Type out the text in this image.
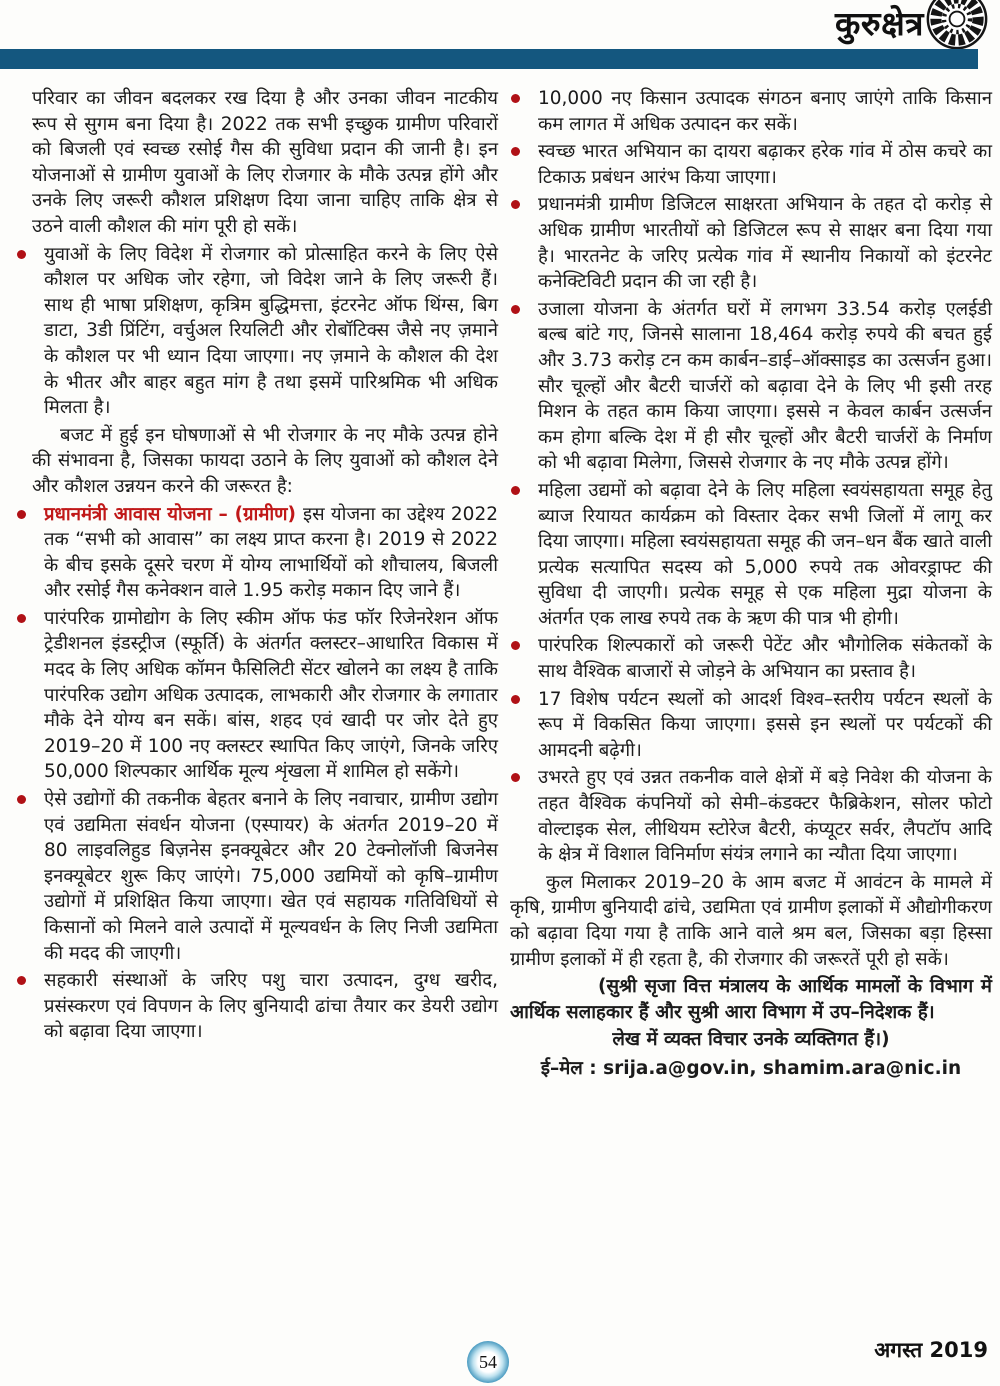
कुरुक्षेत्र

परिवार का जीवन बदलकर रख दिया है और उनका जीवन नाटकीय रूप से सुगम बना दिया है। 2022 तक सभी इच्छुक ग्रामीण परिवारों को बिजली एवं स्वच्छ रसोई गैस की सुविधा प्रदान की जानी है। इन योजनाओं से ग्रामीण युवाओं के लिए रोजगार के मौके उत्पन्न होंगे और उनके लिए जरूरी कौशल प्रशिक्षण दिया जाना चाहिए ताकि क्षेत्र से उठने वाली कौशल की मांग पूरी हो सकें।

युवाओं के लिए विदेश में रोजगार को प्रोत्साहित करने के लिए ऐसे कौशल पर अधिक जोर रहेगा, जो विदेश जाने के लिए जरूरी हैं। साथ ही भाषा प्रशिक्षण, कृत्रिम बुद्धिमत्ता, इंटरनेट ऑफ थिंग्स, बिग डाटा, 3डी प्रिंटिंग, वर्चुअल रियलिटी और रोबॉटिक्स जैसे नए ज़माने के कौशल पर भी ध्यान दिया जाएगा। नए ज़माने के कौशल की देश के भीतर और बाहर बहुत मांग है तथा इसमें पारिश्रमिक भी अधिक मिलता है।

बजट में हुई इन घोषणाओं से भी रोजगार के नए मौके उत्पन्न होने की संभावना है, जिसका फायदा उठाने के लिए युवाओं को कौशल देने और कौशल उन्नयन करने की जरूरत है:

प्रधानमंत्री आवास योजना – (ग्रामीण) इस योजना का उद्देश्य 2022 तक “सभी को आवास” का लक्ष्य प्राप्त करना है। 2019 से 2022 के बीच इसके दूसरे चरण में योग्य लाभार्थियों को शौचालय, बिजली और रसोई गैस कनेक्शन वाले 1.95 करोड़ मकान दिए जाने हैं।
पारंपरिक ग्रामोद्योग के लिए स्कीम ऑफ फंड फॉर रिजेनरेशन ऑफ ट्रेडीशनल इंडस्ट्रीज (स्फूर्ति) के अंतर्गत क्लस्टर–आधारित विकास में मदद के लिए अधिक कॉमन फैसिलिटी सेंटर खोलने का लक्ष्य है ताकि पारंपरिक उद्योग अधिक उत्पादक, लाभकारी और रोजगार के लगातार मौके देने योग्य बन सकें। बांस, शहद एवं खादी पर जोर देते हुए 2019–20 में 100 नए क्लस्टर स्थापित किए जाएंगे, जिनके जरिए 50,000 शिल्पकार आर्थिक मूल्य शृंखला में शामिल हो सकेंगे।
ऐसे उद्योगों की तकनीक बेहतर बनाने के लिए नवाचार, ग्रामीण उद्योग एवं उद्यमिता संवर्धन योजना (एस्पायर) के अंतर्गत 2019–20 में 80 लाइवलिहुड बिज़नेस इनक्यूबेटर और 20 टेक्नोलॉजी बिजनेस इनक्यूबेटर शुरू किए जाएंगे। 75,000 उद्यमियों को कृषि–ग्रामीण उद्योगों में प्रशिक्षित किया जाएगा। खेत एवं सहायक गतिविधियों से किसानों को मिलने वाले उत्पादों में मूल्यवर्धन के लिए निजी उद्यमिता की मदद की जाएगी।
सहकारी संस्थाओं के जरिए पशु चारा उत्पादन, दुग्ध खरीद, प्रसंस्करण एवं विपणन के लिए बुनियादी ढांचा तैयार कर डेयरी उद्योग को बढ़ावा दिया जाएगा।
10,000 नए किसान उत्पादक संगठन बनाए जाएंगे ताकि किसान कम लागत में अधिक उत्पादन कर सकें।
स्वच्छ भारत अभियान का दायरा बढ़ाकर हरेक गांव में ठोस कचरे का टिकाऊ प्रबंधन आरंभ किया जाएगा।
प्रधानमंत्री ग्रामीण डिजिटल साक्षरता अभियान के तहत दो करोड़ से अधिक ग्रामीण भारतीयों को डिजिटल रूप से साक्षर बना दिया गया है। भारतनेट के जरिए प्रत्येक गांव में स्थानीय निकायों को इंटरनेट कनेक्टिविटी प्रदान की जा रही है।
उजाला योजना के अंतर्गत घरों में लगभग 33.54 करोड़ एलईडी बल्ब बांटे गए, जिनसे सालाना 18,464 करोड़ रुपये की बचत हुई और 3.73 करोड़ टन कम कार्बन–डाई–ऑक्साइड का उत्सर्जन हुआ। सौर चूल्हों और बैटरी चार्जरों को बढ़ावा देने के लिए भी इसी तरह मिशन के तहत काम किया जाएगा। इससे न केवल कार्बन उत्सर्जन कम होगा बल्कि देश में ही सौर चूल्हों और बैटरी चार्जरों के निर्माण को भी बढ़ावा मिलेगा, जिससे रोजगार के नए मौके उत्पन्न होंगे।
महिला उद्यमों को बढ़ावा देने के लिए महिला स्वयंसहायता समूह हेतु ब्याज रियायत कार्यक्रम को विस्तार देकर सभी जिलों में लागू कर दिया जाएगा। महिला स्वयंसहायता समूह की जन–धन बैंक खाते वाली प्रत्येक सत्यापित सदस्य को 5,000 रुपये तक ओवरड्राफ्ट की सुविधा दी जाएगी। प्रत्येक समूह से एक महिला मुद्रा योजना के अंतर्गत एक लाख रुपये तक के ऋण की पात्र भी होगी।
पारंपरिक शिल्पकारों को जरूरी पेटेंट और भौगोलिक संकेतकों के साथ वैश्विक बाजारों से जोड़ने के अभियान का प्रस्ताव है।
17 विशेष पर्यटन स्थलों को आदर्श विश्व–स्तरीय पर्यटन स्थलों के रूप में विकसित किया जाएगा। इससे इन स्थलों पर पर्यटकों की आमदनी बढ़ेगी।
उभरते हुए एवं उन्नत तकनीक वाले क्षेत्रों में बड़े निवेश की योजना के तहत वैश्विक कंपनियों को सेमी–कंडक्टर फैब्रिकेशन, सोलर फोटो वोल्टाइक सेल, लीथियम स्टोरेज बैटरी, कंप्यूटर सर्वर, लैपटॉप आदि के क्षेत्र में विशाल विनिर्माण संयंत्र लगाने का न्यौता दिया जाएगा।

कुल मिलाकर 2019–20 के आम बजट में आवंटन के मामले में कृषि, ग्रामीण बुनियादी ढांचे, उद्यमिता एवं ग्रामीण इलाकों में औद्योगीकरण को बढ़ावा दिया गया है ताकि आने वाले श्रम बल, जिसका बड़ा हिस्सा ग्रामीण इलाकों में ही रहता है, की रोजगार की जरूरतें पूरी हो सकें।

(सुश्री सृजा वित्त मंत्रालय के आर्थिक मामलों के विभाग में आर्थिक सलाहकार हैं और सुश्री आरा विभाग में उप–निदेशक हैं।

लेख में व्यक्त विचार उनके व्यक्तिगत हैं।)

ई–मेल : srija.a@gov.in, shamim.ara@nic.in

54	अगस्त 2019
